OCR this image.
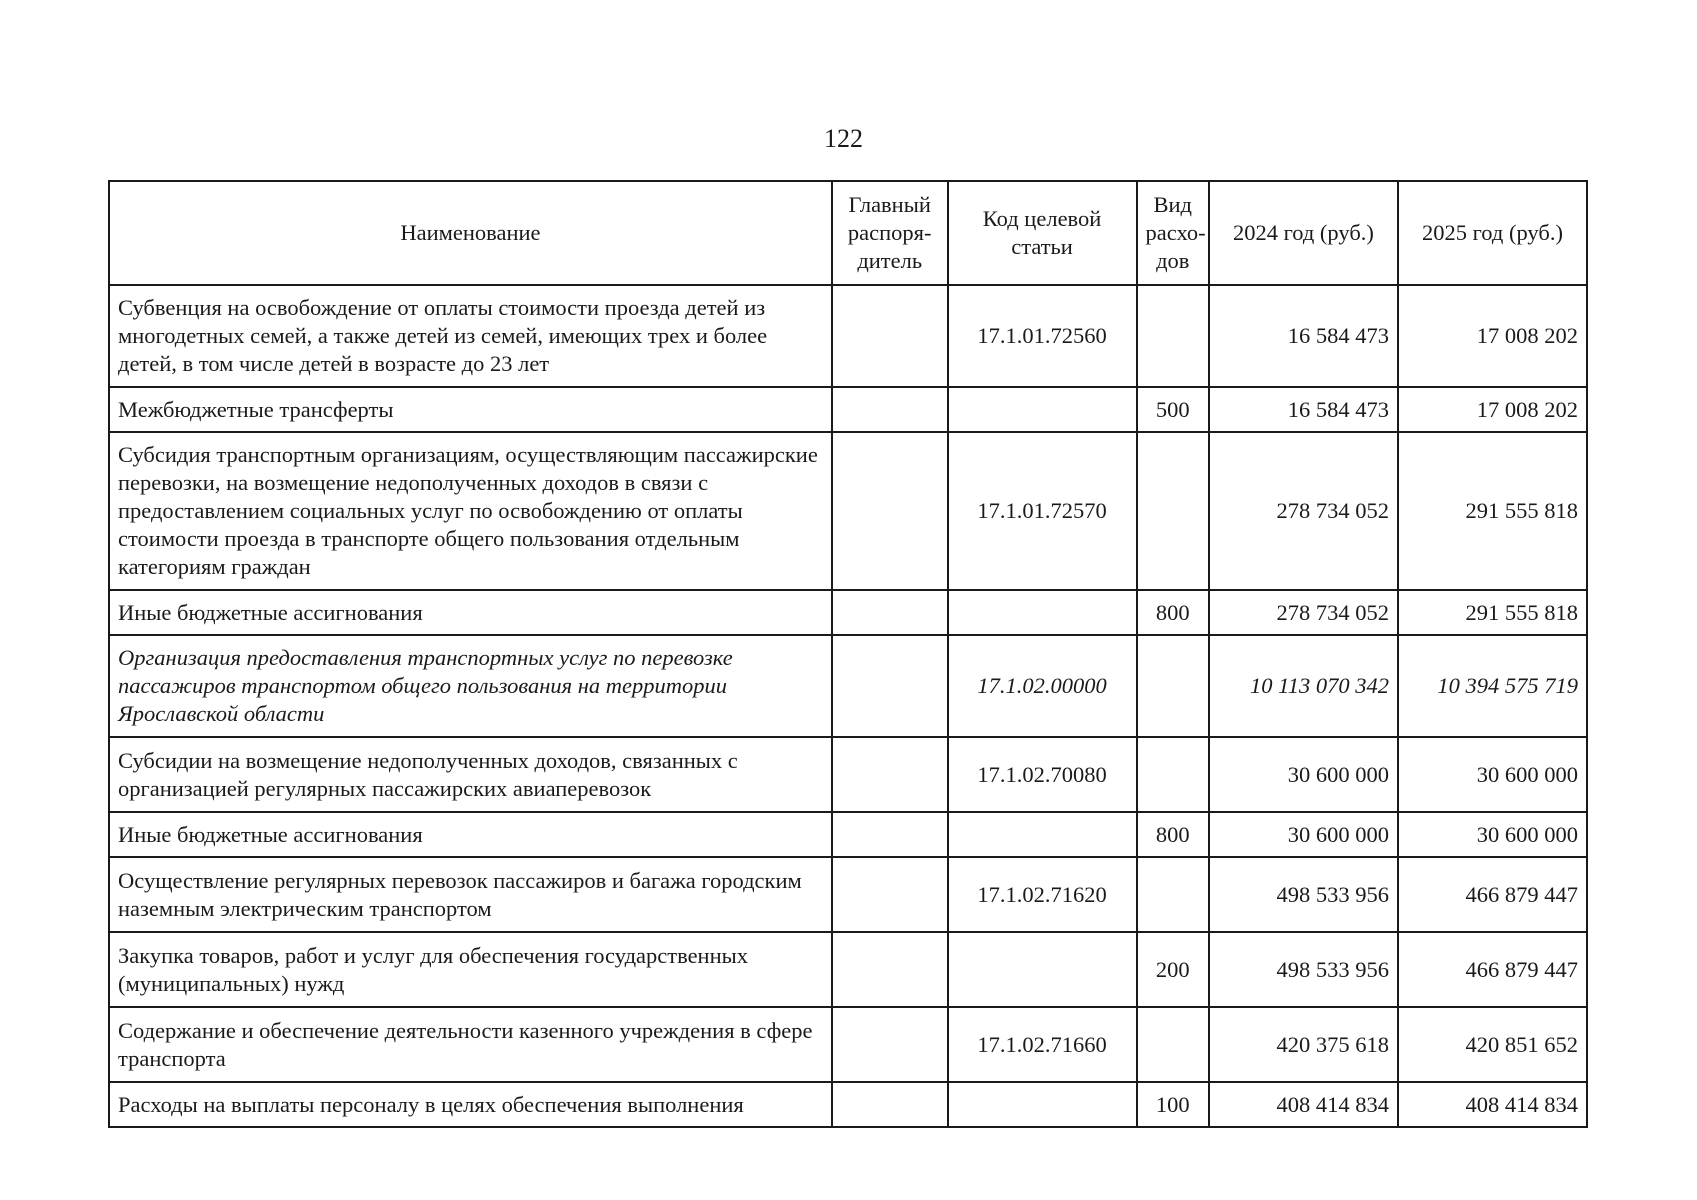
122
Наименование	Главный распоря-дитель	Код целевой статьи	Вид расхо-дов	2024 год (руб.)	2025 год (руб.)
Субвенция на освобождение от оплаты стоимости проезда детей из многодетных семей, а также детей из семей, имеющих трех и более детей, в том числе детей в возрасте до 23 лет		17.1.01.72560		16 584 473	17 008 202
Межбюджетные трансферты			500	16 584 473	17 008 202
Субсидия транспортным организациям, осуществляющим пассажирские перевозки, на возмещение недополученных доходов в связи с предоставлением социальных услуг по освобождению от оплаты стоимости проезда в транспорте общего пользования отдельным категориям граждан		17.1.01.72570		278 734 052	291 555 818
Иные бюджетные ассигнования			800	278 734 052	291 555 818
Организация предоставления транспортных услуг по перевозке пассажиров транспортом общего пользования на территории Ярославской области		17.1.02.00000		10 113 070 342	10 394 575 719
Субсидии на возмещение недополученных доходов, связанных с организацией регулярных пассажирских авиаперевозок		17.1.02.70080		30 600 000	30 600 000
Иные бюджетные ассигнования			800	30 600 000	30 600 000
Осуществление регулярных перевозок пассажиров и багажа городским наземным электрическим транспортом		17.1.02.71620		498 533 956	466 879 447
Закупка товаров, работ и услуг для обеспечения государственных (муниципальных) нужд			200	498 533 956	466 879 447
Содержание и обеспечение деятельности казенного учреждения в сфере транспорта		17.1.02.71660		420 375 618	420 851 652
Расходы на выплаты персоналу в целях обеспечения выполнения			100	408 414 834	408 414 834
